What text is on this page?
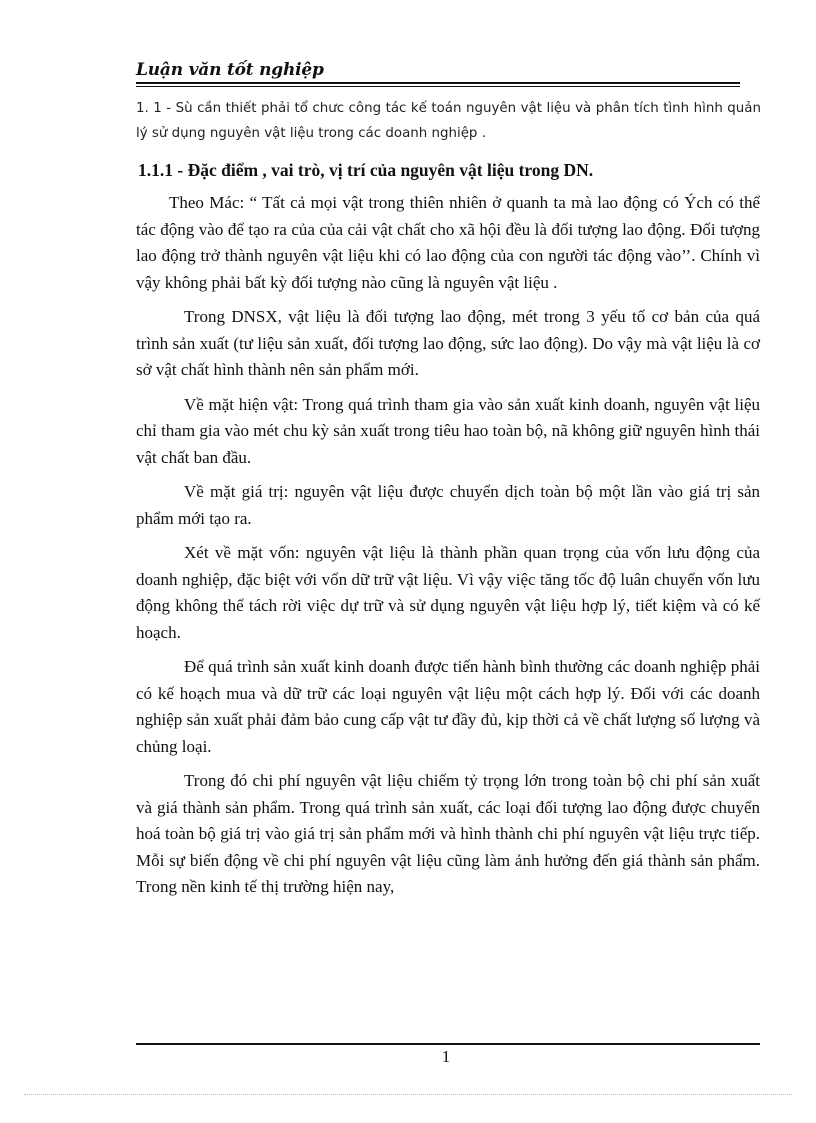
Luận văn tốt nghiệp
1. 1 - Sù cần thiết phải tổ chưc công tác kế toán nguyên vật liệu và phân tích tình hình quản lý sử dụng nguyên vật liệu trong các doanh nghiệp .
1.1.1 - Đặc điểm , vai trò, vị trí của nguyên vật liệu trong DN.

Theo Mác: “ Tất cả mọi vật trong thiên nhiên ở quanh ta mà lao động có Ých có thể tác động vào để tạo ra của của cải vật chất cho xã hội đều là đối tượng lao động. Đối tượng lao động trở thành nguyên vật liệu khi có lao động của con người tác động vào’’. Chính vì vậy không phải bất kỳ đối tượng nào cũng là nguyên vật liệu .

Trong DNSX, vật liệu là đối tượng lao động, mét trong 3 yếu tố cơ bản của quá trình sản xuất (tư liệu sản xuất, đối tượng lao động, sức lao động). Do vậy mà vật liệu là cơ sở vật chất hình thành nên sản phẩm mới.

Về mặt hiện vật: Trong quá trình tham gia vào sản xuất kinh doanh, nguyên vật liệu chỉ tham gia vào mét chu kỳ sản xuất trong tiêu hao toàn bộ, nã không giữ nguyên hình thái vật chất ban đầu.

Về mặt giá trị: nguyên vật liệu được chuyển dịch toàn bộ một lần vào giá trị sản phẩm mới tạo ra.

Xét về mặt vốn: nguyên vật liệu là thành phần quan trọng của vốn lưu động của doanh nghiệp, đặc biệt với vốn dữ trữ vật liệu. Vì vậy việc tăng tốc độ luân chuyển vốn lưu động không thể tách rời việc dự trữ và sử dụng nguyên vật liệu hợp lý, tiết kiệm và có kế hoạch.

Để quá trình sản xuất kinh doanh được tiến hành bình thường các doanh nghiệp phải có kế hoạch mua và dữ trữ các loại nguyên vật liệu một cách hợp lý. Đối với các doanh nghiệp sản xuất phải đảm bảo cung cấp vật tư đầy đủ, kịp thời cả về chất lượng số lượng và chủng loại.

Trong đó chi phí nguyên vật liệu chiếm tỷ trọng lớn trong toàn bộ chi phí sản xuất và giá thành sản phẩm. Trong quá trình sản xuất, các loại đối tượng lao động được chuyển hoá toàn bộ giá trị vào giá trị sản phẩm mới và hình thành chi phí nguyên vật liệu trực tiếp. Mỗi sự biến động về chi phí nguyên vật liệu cũng làm ảnh hưởng đến giá thành sản phẩm. Trong nền kinh tế thị trường hiện nay,

1
